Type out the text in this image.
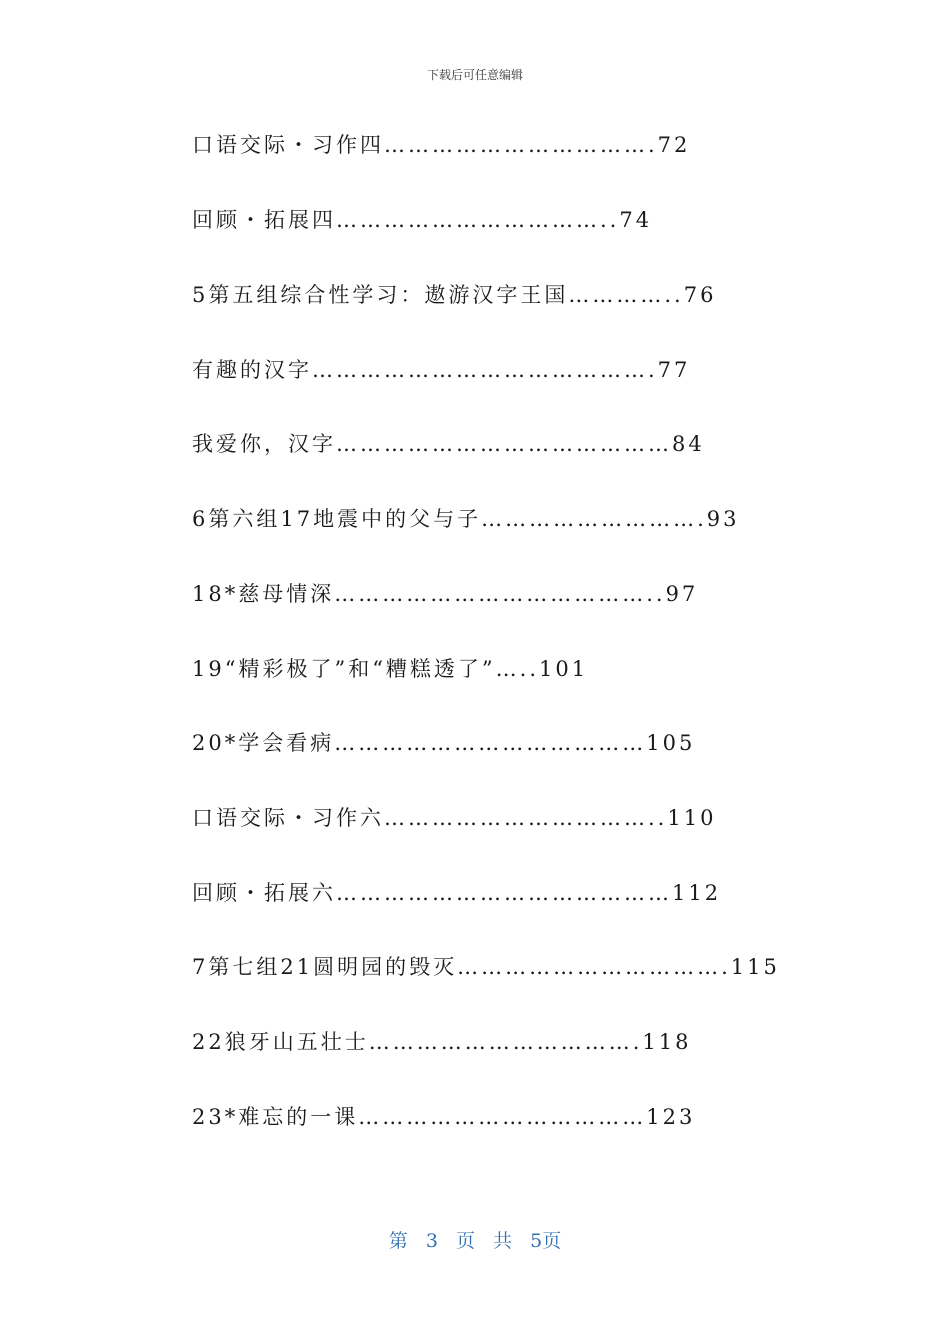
下载后可任意编辑
口语交际・习作四…………………………….72
回顾・拓展四……………………………..74
5第五组综合性学习：遨游汉字王国…………..76
有趣的汉字…………………………………….77
我爱你，汉字……………………………………84
6第六组17地震中的父与子……………………….93
18*慈母情深…………………………………..97
19“精彩极了”和“糟糕透了”…..101
20*学会看病…………………………………105
口语交际・习作六……………………………..110
回顾・拓展六……………………………………112
7第七组21圆明园的毁灭…………………………….115
22狼牙山五壮士…………………………….118
23*难忘的一课………………………………123
第 3 页 共 5页
